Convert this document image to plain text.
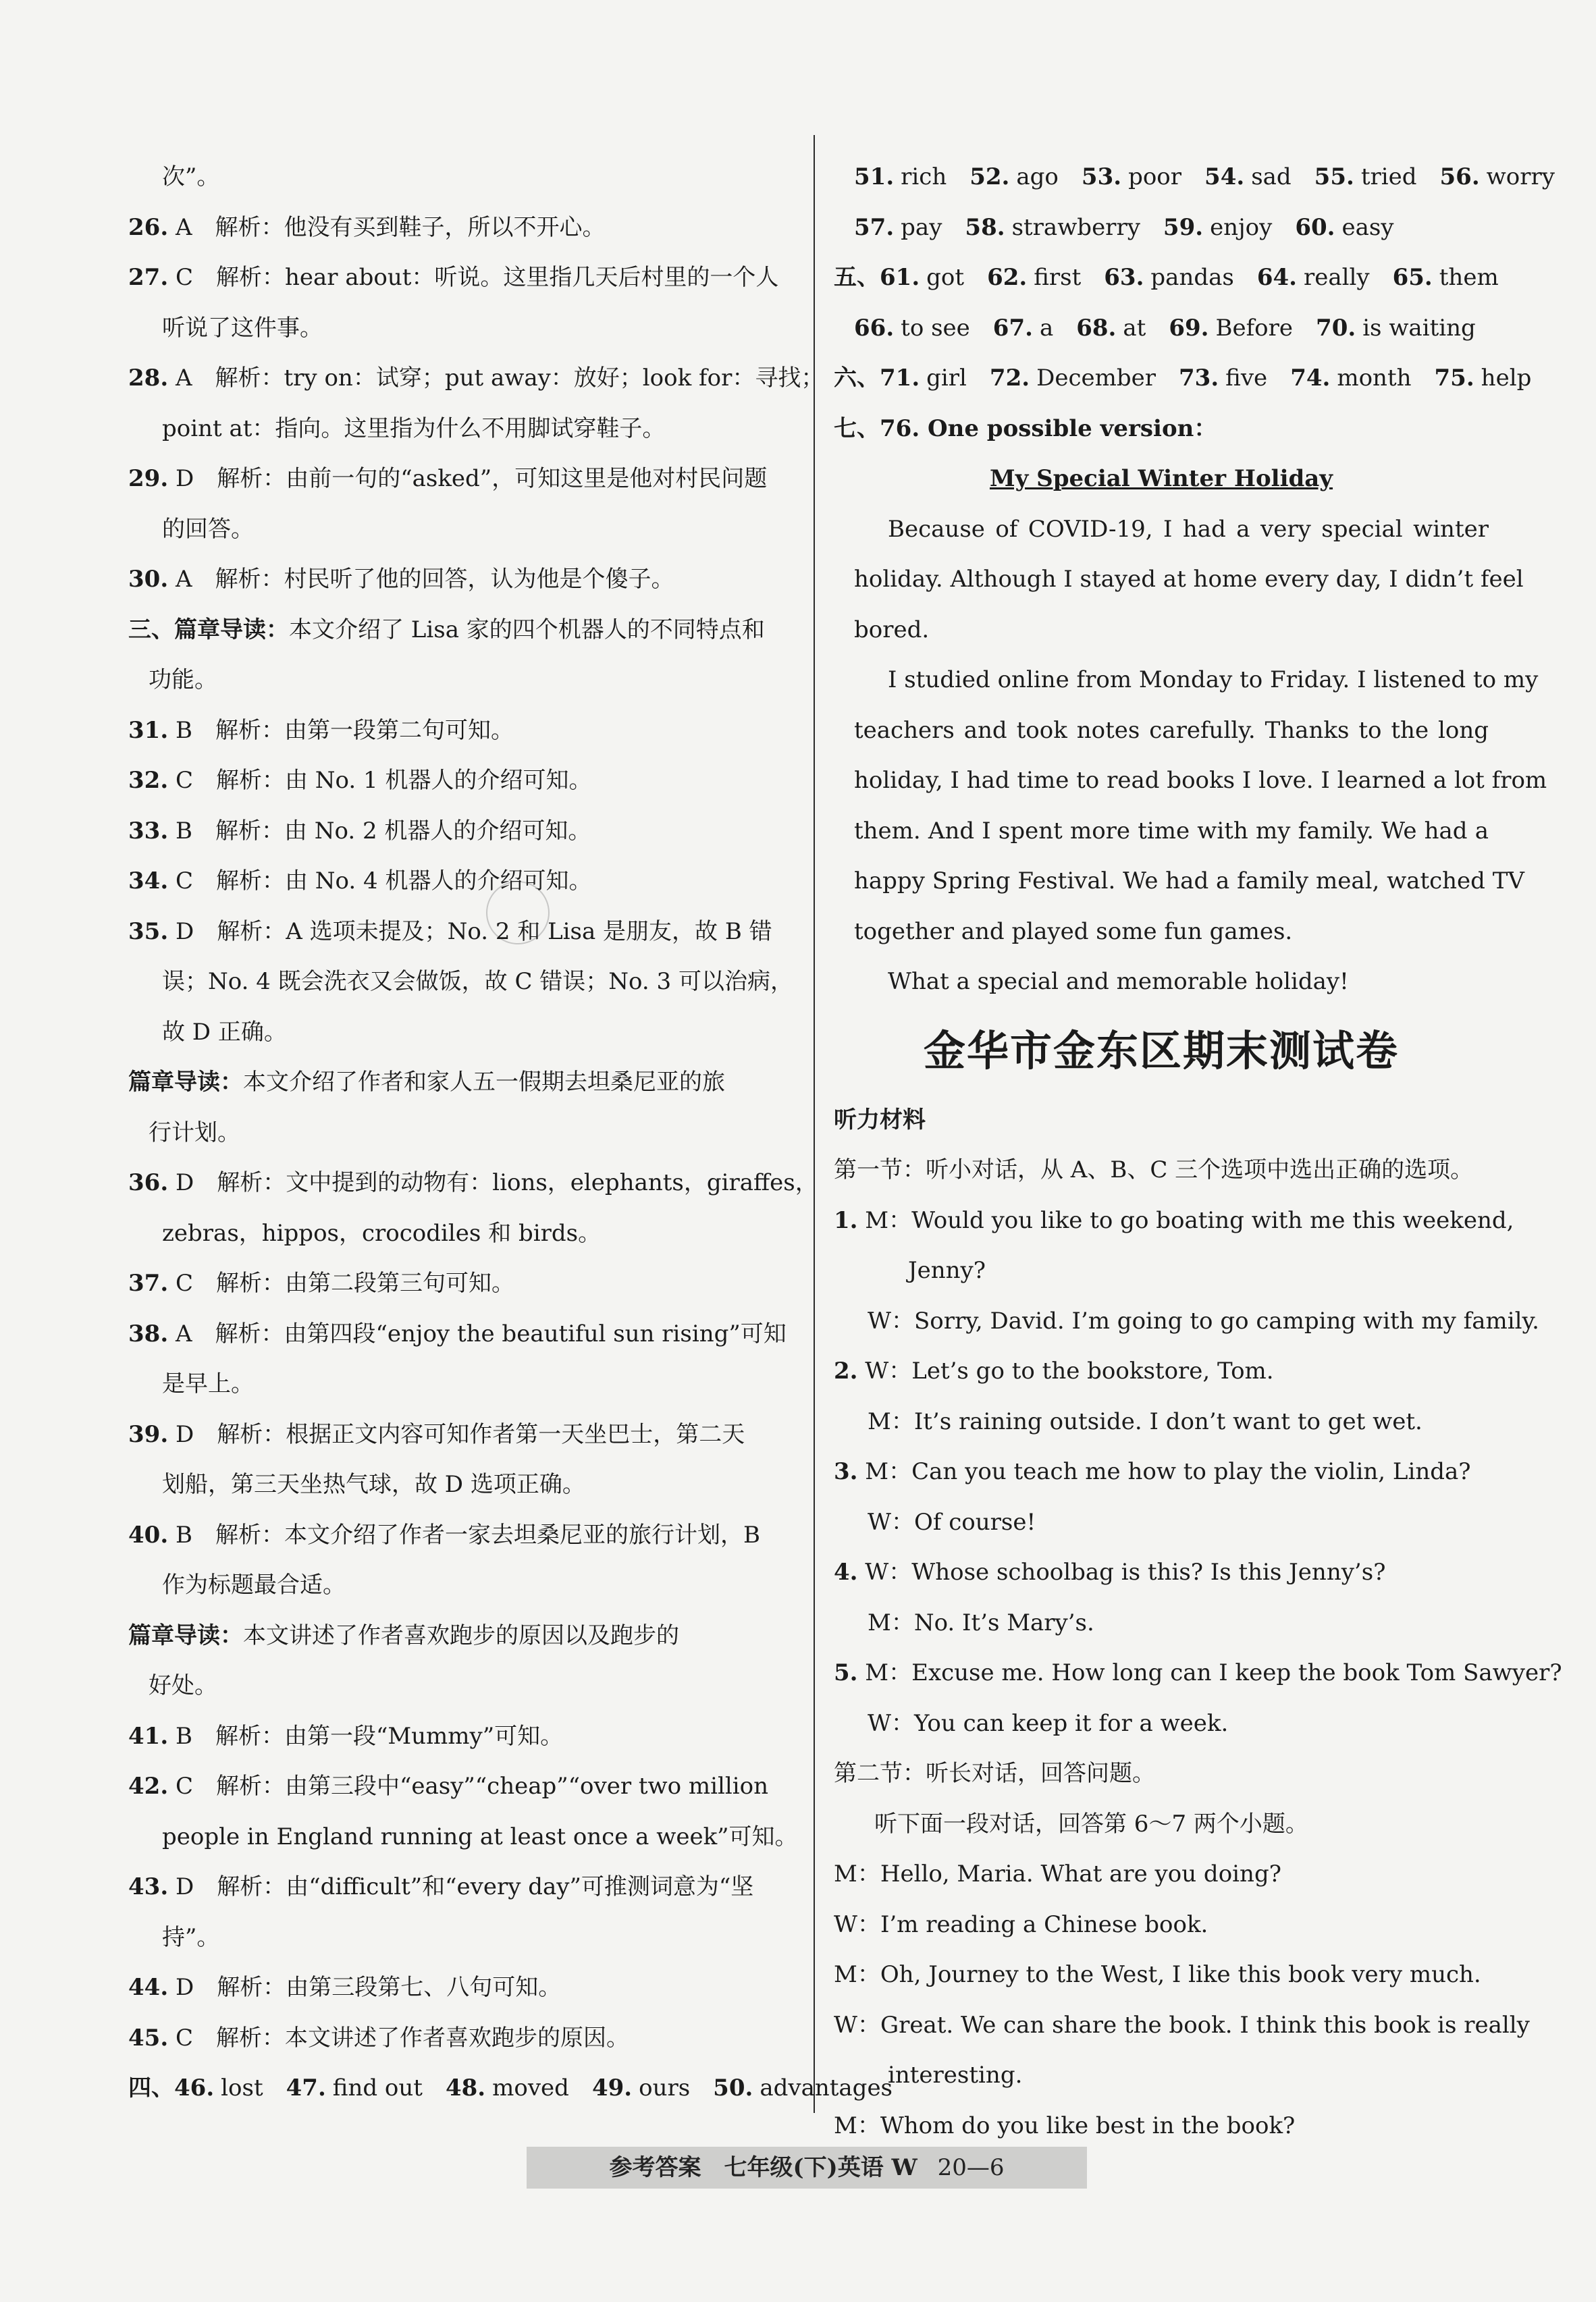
次”。
26. A　解析：他没有买到鞋子，所以不开心。
27. C　解析：hear about：听说。这里指几天后村里的一个人
听说了这件事。
28. A　解析：try on：试穿；put away：放好；look for：寻找；
point at：指向。这里指为什么不用脚试穿鞋子。
29. D　解析：由前一句的“asked”，可知这里是他对村民问题
的回答。
30. A　解析：村民听了他的回答，认为他是个傻子。
三、篇章导读：本文介绍了 Lisa 家的四个机器人的不同特点和
功能。
31. B　解析：由第一段第二句可知。
32. C　解析：由 No. 1 机器人的介绍可知。
33. B　解析：由 No. 2 机器人的介绍可知。
34. C　解析：由 No. 4 机器人的介绍可知。
35. D　解析：A 选项未提及；No. 2 和 Lisa 是朋友，故 B 错
误；No. 4 既会洗衣又会做饭，故 C 错误；No. 3 可以治病，
故 D 正确。
篇章导读：本文介绍了作者和家人五一假期去坦桑尼亚的旅
行计划。
36. D　解析：文中提到的动物有：lions，elephants，giraffes，
zebras，hippos，crocodiles 和 birds。
37. C　解析：由第二段第三句可知。
38. A　解析：由第四段“enjoy the beautiful sun rising”可知
是早上。
39. D　解析：根据正文内容可知作者第一天坐巴士，第二天
划船，第三天坐热气球，故 D 选项正确。
40. B　解析：本文介绍了作者一家去坦桑尼亚的旅行计划，B
作为标题最合适。
篇章导读：本文讲述了作者喜欢跑步的原因以及跑步的
好处。
41. B　解析：由第一段“Mummy”可知。
42. C　解析：由第三段中“easy”“cheap”“over two million
people in England running at least once a week”可知。
43. D　解析：由“difficult”和“every day”可推测词意为“坚
持”。
44. D　解析：由第三段第七、八句可知。
45. C　解析：本文讲述了作者喜欢跑步的原因。
四、46. lost 47. find out 48. moved 49. ours 50. advantages
51. rich 52. ago 53. poor 54. sad 55. tried 56. worry
57. pay 58. strawberry 59. enjoy 60. easy
五、61. got 62. first 63. pandas 64. really 65. them
66. to see 67. a 68. at 69. Before 70. is waiting
六、71. girl 72. December 73. five 74. month 75. help
七、76. One possible version：
My Special Winter Holiday
Because of COVID-19, I had a very special winter
holiday. Although I stayed at home every day, I didn’t feel
bored.
I studied online from Monday to Friday. I listened to my
teachers and took notes carefully. Thanks to the long
holiday, I had time to read books I love. I learned a lot from
them. And I spent more time with my family. We had a
happy Spring Festival. We had a family meal, watched TV
together and played some fun games.
What a special and memorable holiday!
金华市金东区期末测试卷
听力材料
第一节：听小对话，从 A、B、C 三个选项中选出正确的选项。
1. M：Would you like to go boating with me this weekend,
Jenny?
W：Sorry, David. I’m going to go camping with my family.
2. W：Let’s go to the bookstore, Tom.
M：It’s raining outside. I don’t want to get wet.
3. M：Can you teach me how to play the violin, Linda?
W：Of course!
4. W：Whose schoolbag is this? Is this Jenny’s?
M：No. It’s Mary’s.
5. M：Excuse me. How long can I keep the book Tom Sawyer?
W：You can keep it for a week.
第二节：听长对话，回答问题。
听下面一段对话，回答第 6～7 两个小题。
M：Hello, Maria. What are you doing?
W：I’m reading a Chinese book.
M：Oh, Journey to the West, I like this book very much.
W：Great. We can share the book. I think this book is really
interesting.
M：Whom do you like best in the book?
参考答案　七年级(下)英语 W 20—6
